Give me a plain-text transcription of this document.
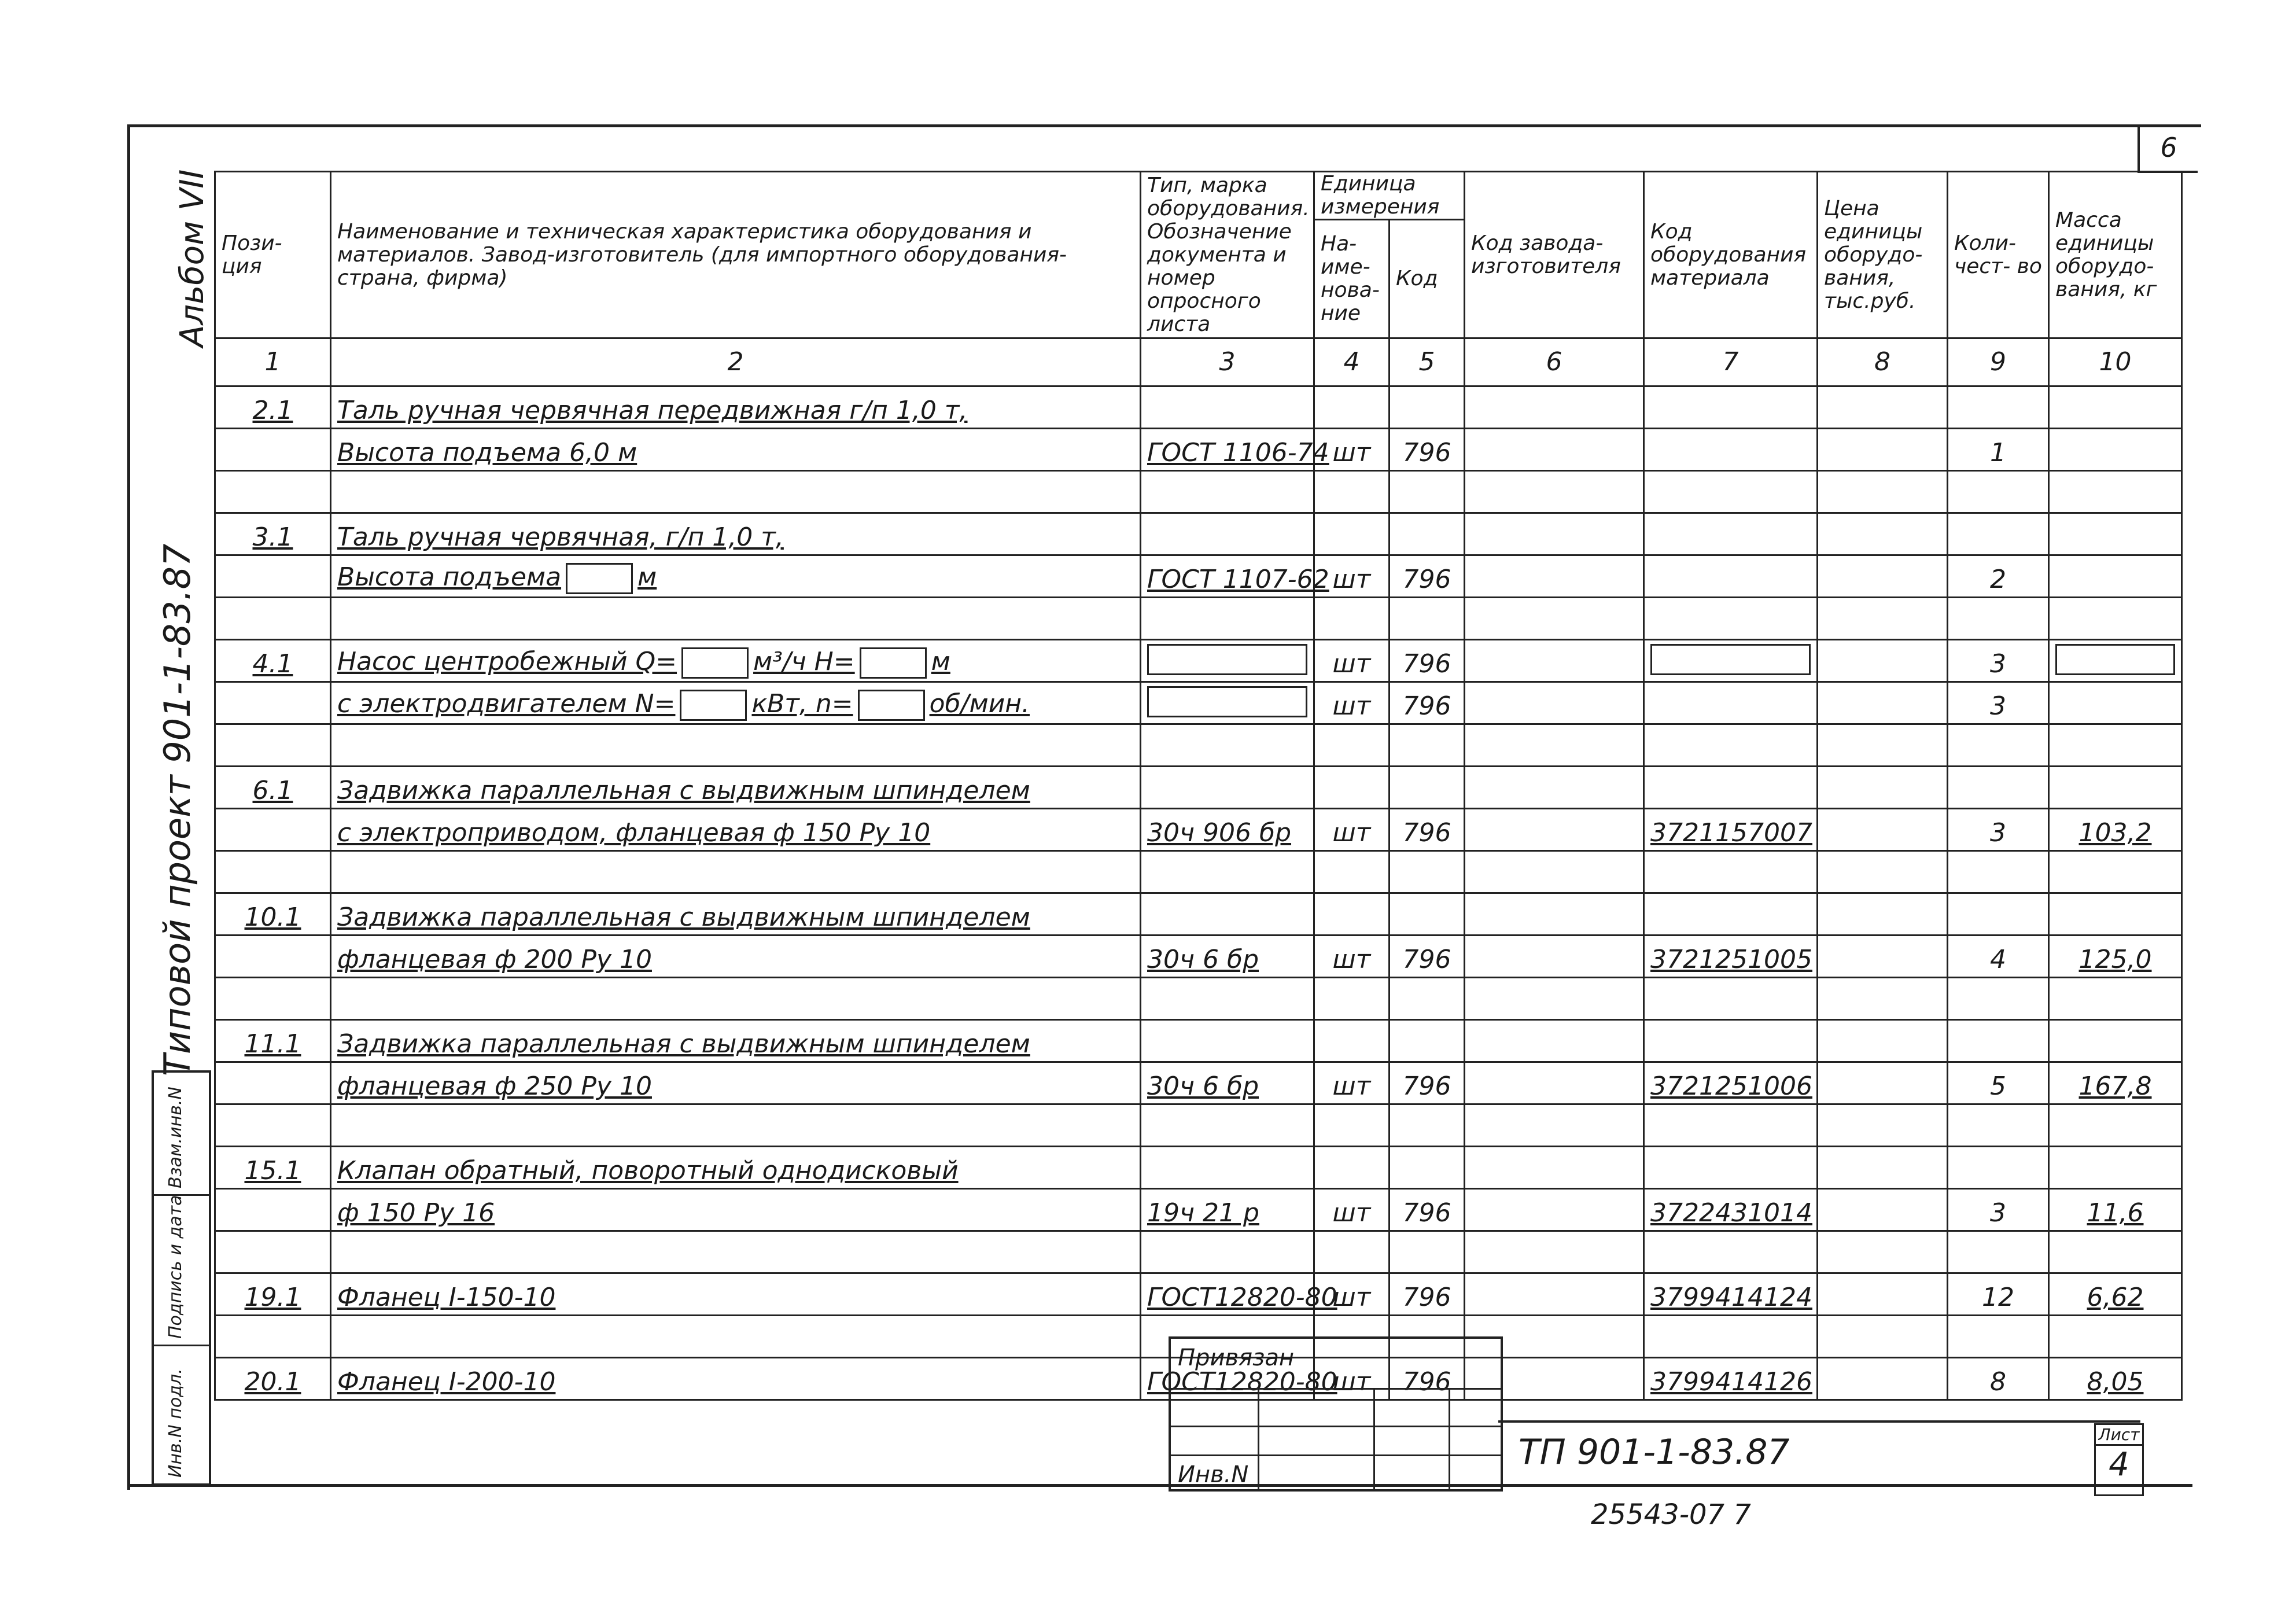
6
Альбом VII
Типовой проект 901-1-83.87
Взам.инв.N
Подпись и дата
Инв.N подл.
Пози- ция	Наименование и техническая характеристика оборудования и материалов. Завод-изготовитель (для импортного оборудования- страна, фирма)	Тип, марка оборудования. Обозначение документа и номер опросного листа	Единица измерения		Код завода- изготовителя	Код оборудования материала	Цена единицы оборудо- вания, тыс.руб.	Коли- чест- во	Масса единицы оборудо- вания, кг
			На- име- нова- ние	Код					
1	2	3	4	5	6	7	8	9	10
2.1	Таль ручная червячная передвижная г/п 1,0 т,								
	Высота подъема 6,0 м	ГОСТ 1106-74	шт	796				1	

3.1	Таль ручная червячная, г/п 1,0 т,								
	Высота подъема м	ГОСТ 1107-62	шт	796				2	

4.1	Насос центробежный Q= м³/ч H= м		шт	796				3	

	с электродвигателем N= кВт, n= об/мин.		шт	796				3	

6.1	Задвижка параллельная с выдвижным шпинделем								
	с электроприводом, фланцевая ф 150 Ру 10	30ч 906 бр	шт	796		3721157007		3	103,2

10.1	Задвижка параллельная с выдвижным шпинделем								
	фланцевая ф 200 Ру 10	30ч 6 бр	шт	796		3721251005		4	125,0

11.1	Задвижка параллельная с выдвижным шпинделем								
	фланцевая ф 250 Ру 10	30ч 6 бр	шт	796		3721251006		5	167,8

15.1	Клапан обратный, поворотный однодисковый								
	ф 150 Ру 16	19ч 21 р	шт	796		3722431014		3	11,6

19.1	Фланец I-150-10	ГОСТ12820-80	шт	796		3799414124		12	6,62

20.1	Фланец I-200-10	ГОСТ12820-80	шт	796		3799414126		8	8,05
Привязан
Инв.N
ТП 901-1-83.87	Лист
4
25543-07 7
